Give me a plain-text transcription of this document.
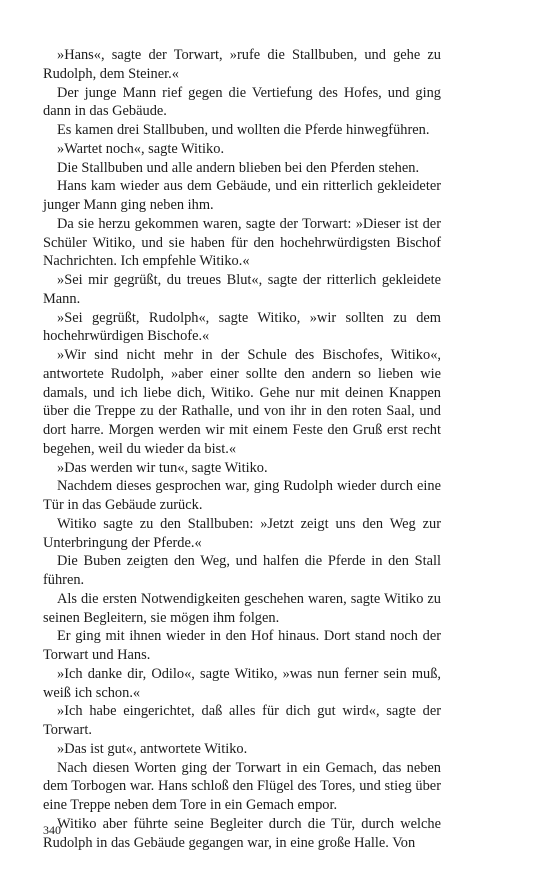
»Hans«, sagte der Torwart, »rufe die Stallbuben, und gehe zu Rudolph, dem Steiner.«

Der junge Mann rief gegen die Vertiefung des Hofes, und ging dann in das Gebäude.

Es kamen drei Stallbuben, und wollten die Pferde hinwegführen.

»Wartet noch«, sagte Witiko.

Die Stallbuben und alle andern blieben bei den Pferden stehen.

Hans kam wieder aus dem Gebäude, und ein ritterlich gekleideter junger Mann ging neben ihm.

Da sie herzu gekommen waren, sagte der Torwart: »Dieser ist der Schüler Witiko, und sie haben für den hochehrwürdigsten Bischof Nachrichten. Ich empfehle Witiko.«

»Sei mir gegrüßt, du treues Blut«, sagte der ritterlich gekleidete Mann.

»Sei gegrüßt, Rudolph«, sagte Witiko, »wir sollten zu dem hochehrwürdigen Bischofe.«

»Wir sind nicht mehr in der Schule des Bischofes, Witiko«, antwortete Rudolph, »aber einer sollte den andern so lieben wie damals, und ich liebe dich, Witiko. Gehe nur mit deinen Knappen über die Treppe zu der Rathalle, und von ihr in den roten Saal, und dort harre. Morgen werden wir mit einem Feste den Gruß erst recht begehen, weil du wieder da bist.«

»Das werden wir tun«, sagte Witiko.

Nachdem dieses gesprochen war, ging Rudolph wieder durch eine Tür in das Gebäude zurück.

Witiko sagte zu den Stallbuben: »Jetzt zeigt uns den Weg zur Unterbringung der Pferde.«

Die Buben zeigten den Weg, und halfen die Pferde in den Stall führen.

Als die ersten Notwendigkeiten geschehen waren, sagte Witiko zu seinen Begleitern, sie mögen ihm folgen.

Er ging mit ihnen wieder in den Hof hinaus. Dort stand noch der Torwart und Hans.

»Ich danke dir, Odilo«, sagte Witiko, »was nun ferner sein muß, weiß ich schon.«

»Ich habe eingerichtet, daß alles für dich gut wird«, sagte der Torwart.

»Das ist gut«, antwortete Witiko.

Nach diesen Worten ging der Torwart in ein Gemach, das neben dem Torbogen war. Hans schloß den Flügel des Tores, und stieg über eine Treppe neben dem Tore in ein Gemach empor.

Witiko aber führte seine Begleiter durch die Tür, durch welche Rudolph in das Gebäude gegangen war, in eine große Halle. Von

340
